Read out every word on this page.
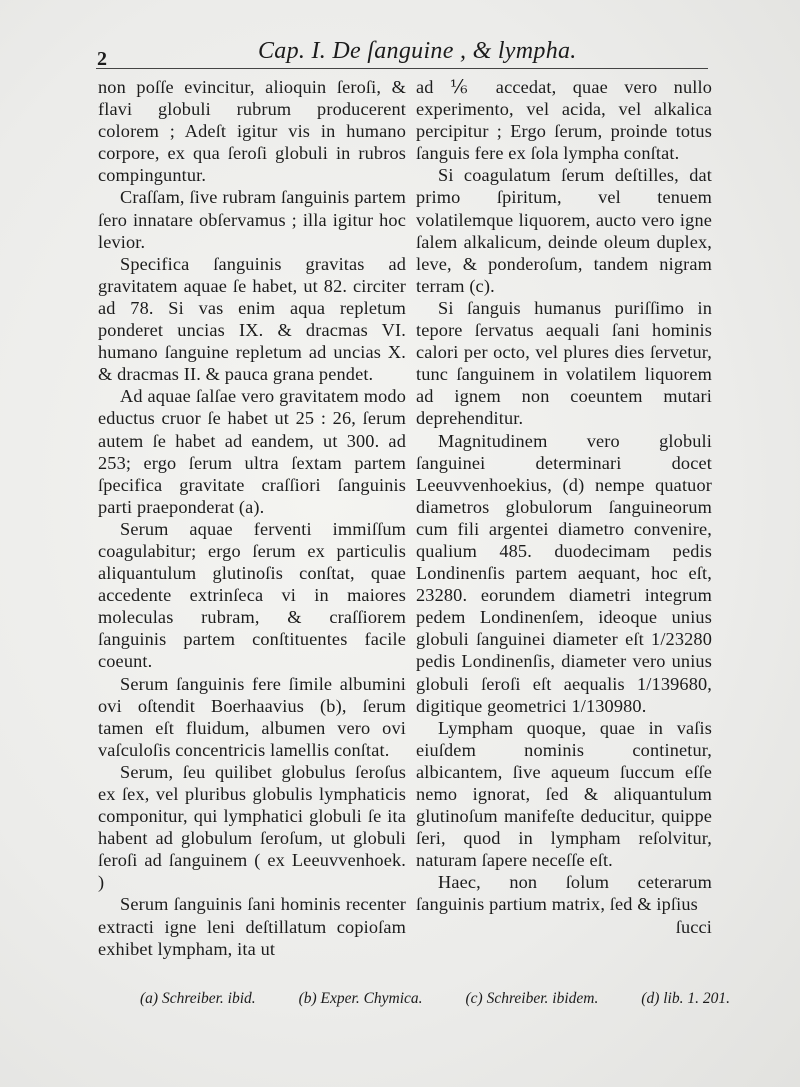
2	Cap. I. De ſanguine , & lympha.

non poſſe evincitur, alioquin ſeroſi, & flavi globuli rubrum producerent colorem ; Adeſt igitur vis in humano corpore, ex qua ſeroſi globuli in rubros compinguntur.

Craſſam, ſive rubram ſanguinis partem ſero innatare obſervamus ; illa igitur hoc levior.

Specifica ſanguinis gravitas ad gravitatem aquae ſe habet, ut 82. circiter ad 78. Si vas enim aqua repletum ponderet uncias IX. & dracmas VI. humano ſanguine repletum ad uncias X. & dracmas II. & pauca grana pendet.

Ad aquae ſalſae vero gravitatem modo eductus cruor ſe habet ut 25 : 26, ſerum autem ſe habet ad eandem, ut 300. ad 253; ergo ſerum ultra ſextam partem ſpecifica gravitate craſſiori ſanguinis parti praeponderat (a).

Serum aquae ferventi immiſſum coagulabitur; ergo ſerum ex particulis aliquantulum glutinoſis conſtat, quae accedente extrinſeca vi in maiores moleculas rubram, & craſſiorem ſanguinis partem conſtituentes facile coeunt.

Serum ſanguinis fere ſimile albumini ovi oſtendit Boerhaavius (b), ſerum tamen eſt fluidum, albumen vero ovi vaſculoſis concentricis lamellis conſtat.

Serum, ſeu quilibet globulus ſeroſus ex ſex, vel pluribus globulis lymphaticis componitur, qui lymphatici globuli ſe ita habent ad globulum ſeroſum, ut globuli ſeroſi ad ſanguinem ( ex Leeuvvenhoek. )

Serum ſanguinis ſani hominis recenter extracti igne leni deſtillatum copioſam exhibet lympham, ita ut

ad ⅙ accedat, quae vero nullo experimento, vel acida, vel alkalica percipitur ; Ergo ſerum, proinde totus ſanguis fere ex ſola lympha conſtat.

Si coagulatum ſerum deſtilles, dat primo ſpiritum, vel tenuem volatilemque liquorem, aucto vero igne ſalem alkalicum, deinde oleum duplex, leve, & ponderoſum, tandem nigram terram (c).

Si ſanguis humanus puriſſimo in tepore ſervatus aequali ſani hominis calori per octo, vel plures dies ſervetur, tunc ſanguinem in volatilem liquorem ad ignem non coeuntem mutari deprehenditur.

Magnitudinem vero globuli ſanguinei determinari docet Leeuvvenhoekius, (d) nempe quatuor diametros globulorum ſanguineorum cum fili argentei diametro convenire, qualium 485. duodecimam pedis Londinenſis partem aequant, hoc eſt, 23280. eorundem diametri integrum pedem Londinenſem, ideoque unius globuli ſanguinei diameter eſt 1/23280 pedis Londinenſis, diameter vero unius globuli ſeroſi eſt aequalis 1/139680, digitique geometrici 1/130980.

Lympham quoque, quae in vaſis eiuſdem nominis continetur, albicantem, ſive aqueum ſuccum eſſe nemo ignorat, ſed & aliquantulum glutinoſum manifeſte deducitur, quippe ſeri, quod in lympham reſolvitur, naturam ſapere neceſſe eſt.

Haec, non ſolum ceterarum ſanguinis partium matrix, ſed & ipſius

ſucci

(a) Schreiber. ibid.	(b) Exper. Chymica.	(c) Schreiber. ibidem.	(d) lib. 1. 201.
